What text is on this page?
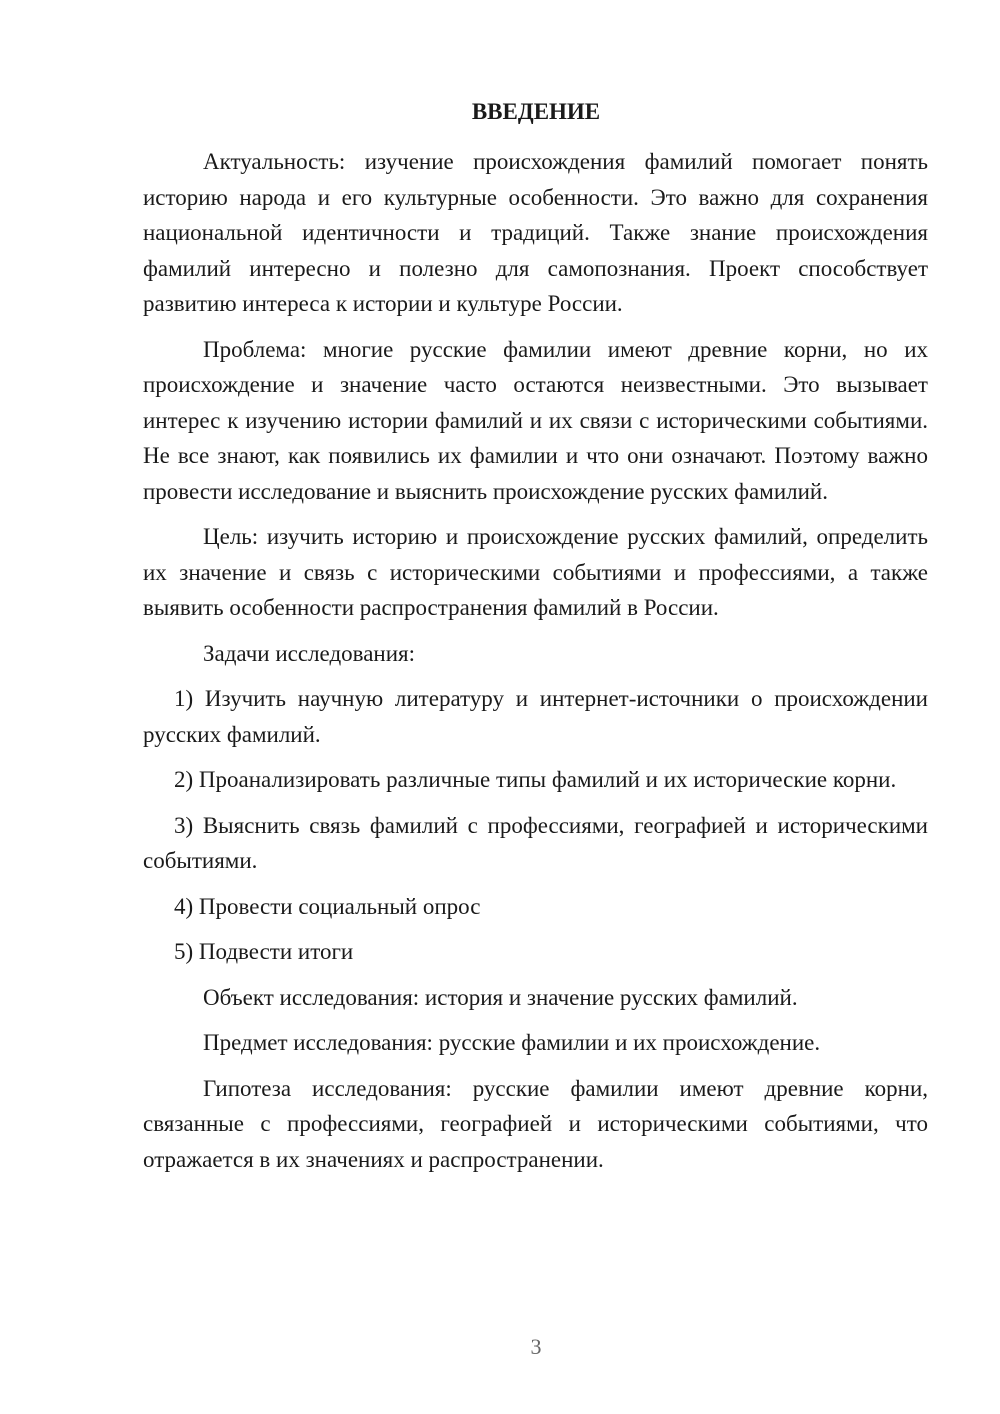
ВВЕДЕНИЕ

Актуальность: изучение происхождения фамилий помогает понять историю народа и его культурные особенности. Это важно для сохранения национальной идентичности и традиций. Также знание происхождения фамилий интересно и полезно для самопознания. Проект способствует развитию интереса к истории и культуре России.

Проблема: многие русские фамилии имеют древние корни, но их происхождение и значение часто остаются неизвестными. Это вызывает интерес к изучению истории фамилий и их связи с историческими событиями. Не все знают, как появились их фамилии и что они означают. Поэтому важно провести исследование и выяснить происхождение русских фамилий.

Цель: изучить историю и происхождение русских фамилий, определить их значение и связь с историческими событиями и профессиями, а также выявить особенности распространения фамилий в России.

Задачи исследования:

1) Изучить научную литературу и интернет-источники о происхождении русских фамилий.

2) Проанализировать различные типы фамилий и их исторические корни.

3) Выяснить связь фамилий с профессиями, географией и историческими событиями.

4) Провести социальный опрос

5) Подвести итоги

Объект исследования: история и значение русских фамилий.

Предмет исследования: русские фамилии и их происхождение.

Гипотеза исследования: русские фамилии имеют древние корни, связанные с профессиями, географией и историческими событиями, что отражается в их значениях и распространении.

3
